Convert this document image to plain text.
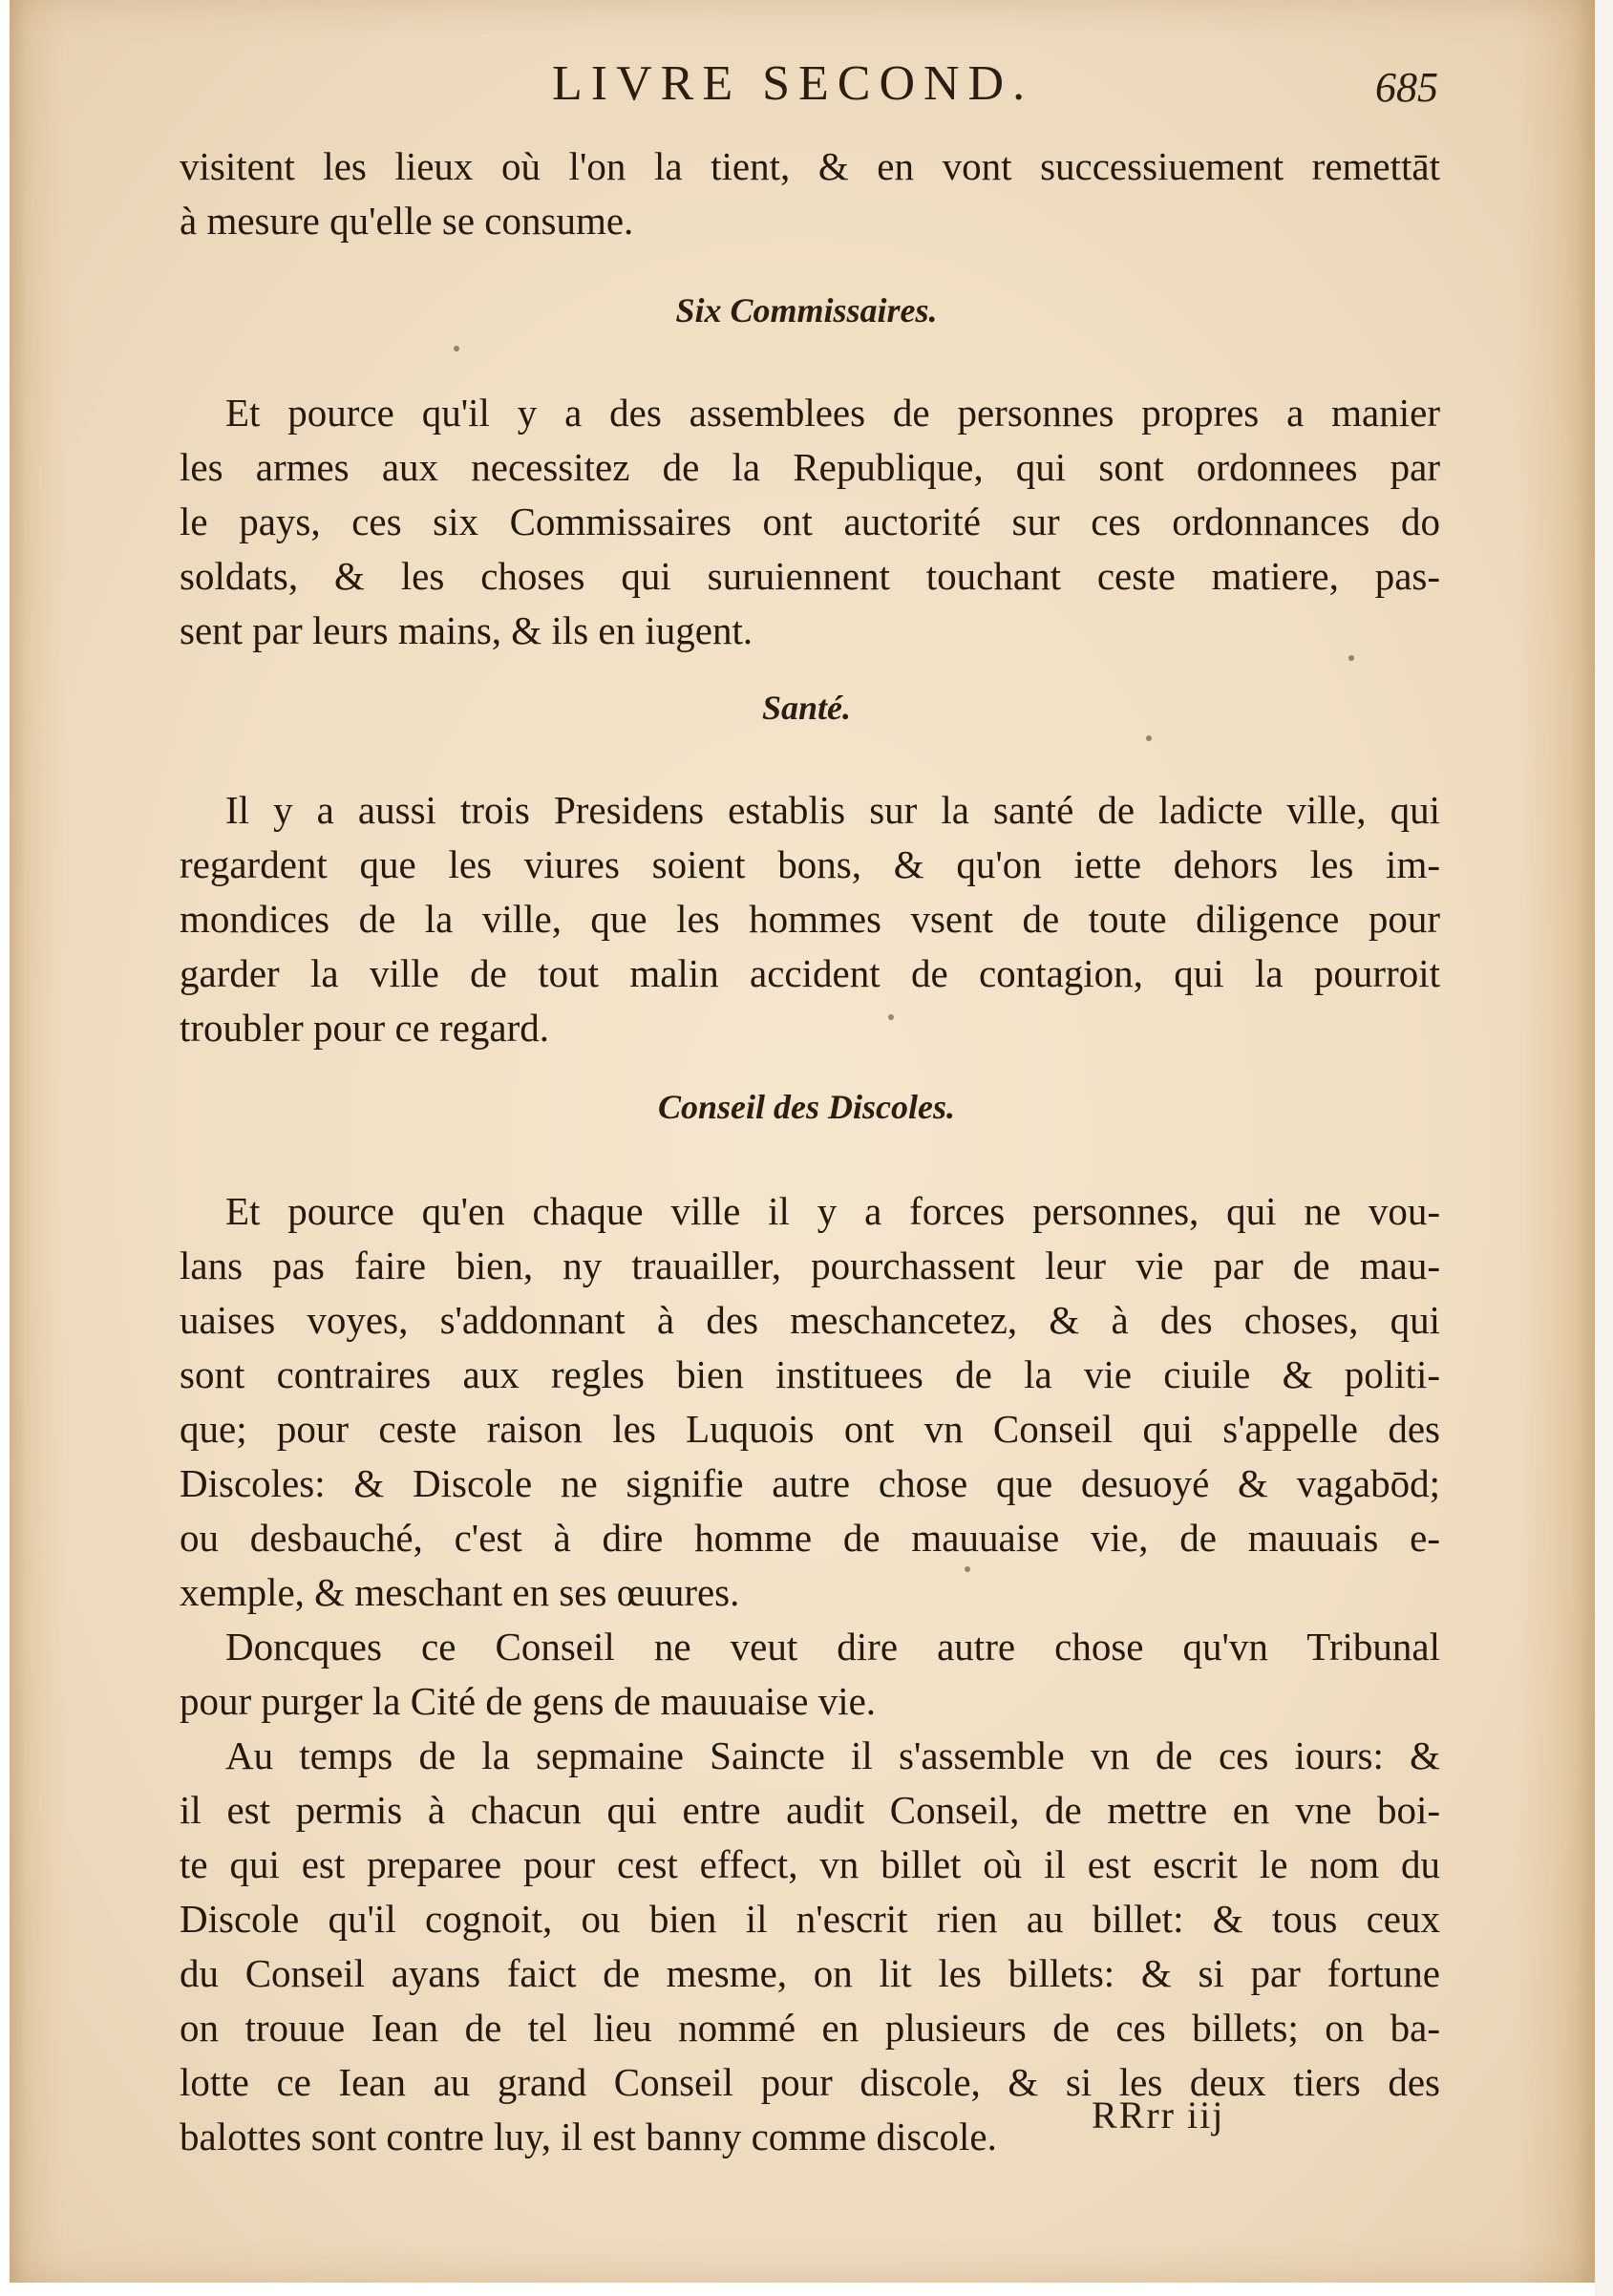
LIVRE SECOND.	685
visitent les lieux où l'on la tient, & en vont successiuement remettāt
à mesure qu'elle se consume.
Six Commissaires.
Et pource qu'il y a des assemblees de personnes propres a manier
les armes aux necessitez de la Republique, qui sont ordonnees par
le pays, ces six Commissaires ont auctorité sur ces ordonnances do
soldats, & les choses qui suruiennent touchant ceste matiere, pas-
sent par leurs mains, & ils en iugent.
Santé.
Il y a aussi trois Presidens establis sur la santé de ladicte ville, qui
regardent que les viures soient bons, & qu'on iette dehors les im-
mondices de la ville, que les hommes vsent de toute diligence pour
garder la ville de tout malin accident de contagion, qui la pourroit
troubler pour ce regard.
Conseil des Discoles.
Et pource qu'en chaque ville il y a forces personnes, qui ne vou-
lans pas faire bien, ny trauailler, pourchassent leur vie par de mau-
uaises voyes, s'addonnant à des meschancetez, & à des choses, qui
sont contraires aux regles bien instituees de la vie ciuile & politi-
que; pour ceste raison les Luquois ont vn Conseil qui s'appelle des
Discoles: & Discole ne signifie autre chose que desuoyé & vagabōd;
ou desbauché, c'est à dire homme de mauuaise vie, de mauuais e-
xemple, & meschant en ses œuures.
Doncques ce Conseil ne veut dire autre chose qu'vn Tribunal
pour purger la Cité de gens de mauuaise vie.
Au temps de la sepmaine Saincte il s'assemble vn de ces iours: &
il est permis à chacun qui entre audit Conseil, de mettre en vne boi-
te qui est preparee pour cest effect, vn billet où il est escrit le nom du
Discole qu'il cognoit, ou bien il n'escrit rien au billet: & tous ceux
du Conseil ayans faict de mesme, on lit les billets: & si par fortune
on trouue Iean de tel lieu nommé en plusieurs de ces billets; on ba-
lotte ce Iean au grand Conseil pour discole, & si les deux tiers des
balottes sont contre luy, il est banny comme discole.	RRrr iij
